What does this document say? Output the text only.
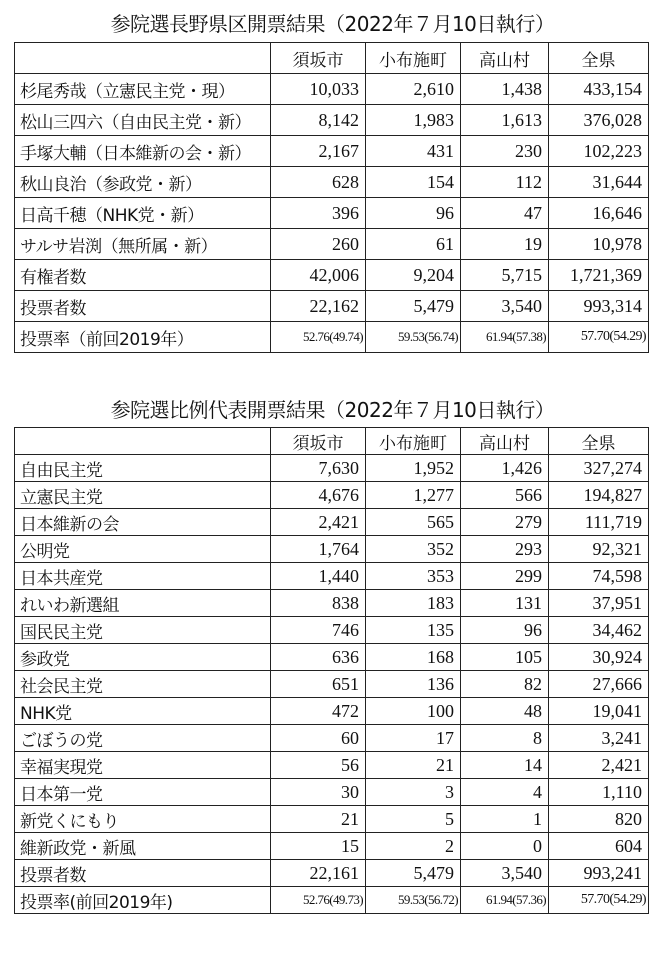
参院選長野県区開票結果（2022年７月10日執行）
	須坂市	小布施町	高山村	全県
杉尾秀哉（立憲民主党・現）	10,033	2,610	1,438	433,154
松山三四六（自由民主党・新）	8,142	1,983	1,613	376,028
手塚大輔（日本維新の会・新）	2,167	431	230	102,223
秋山良治（参政党・新）	628	154	112	31,644
日高千穂（NHK党・新）	396	96	47	16,646
サルサ岩渕（無所属・新）	260	61	19	10,978
有権者数	42,006	9,204	5,715	1,721,369
投票者数	22,162	5,479	3,540	993,314
投票率（前回2019年）	52.76(49.74)	59.53(56.74)	61.94(57.38)	57.70(54.29)
参院選比例代表開票結果（2022年７月10日執行）
	須坂市	小布施町	高山村	全県
自由民主党	7,630	1,952	1,426	327,274
立憲民主党	4,676	1,277	566	194,827
日本維新の会	2,421	565	279	111,719
公明党	1,764	352	293	92,321
日本共産党	1,440	353	299	74,598
れいわ新選組	838	183	131	37,951
国民民主党	746	135	96	34,462
参政党	636	168	105	30,924
社会民主党	651	136	82	27,666
NHK党	472	100	48	19,041
ごぼうの党	60	17	8	3,241
幸福実現党	56	21	14	2,421
日本第一党	30	3	4	1,110
新党くにもり	21	5	1	820
維新政党・新風	15	2	0	604
投票者数	22,161	5,479	3,540	993,241
投票率(前回2019年)	52.76(49.73)	59.53(56.72)	61.94(57.36)	57.70(54.29)
